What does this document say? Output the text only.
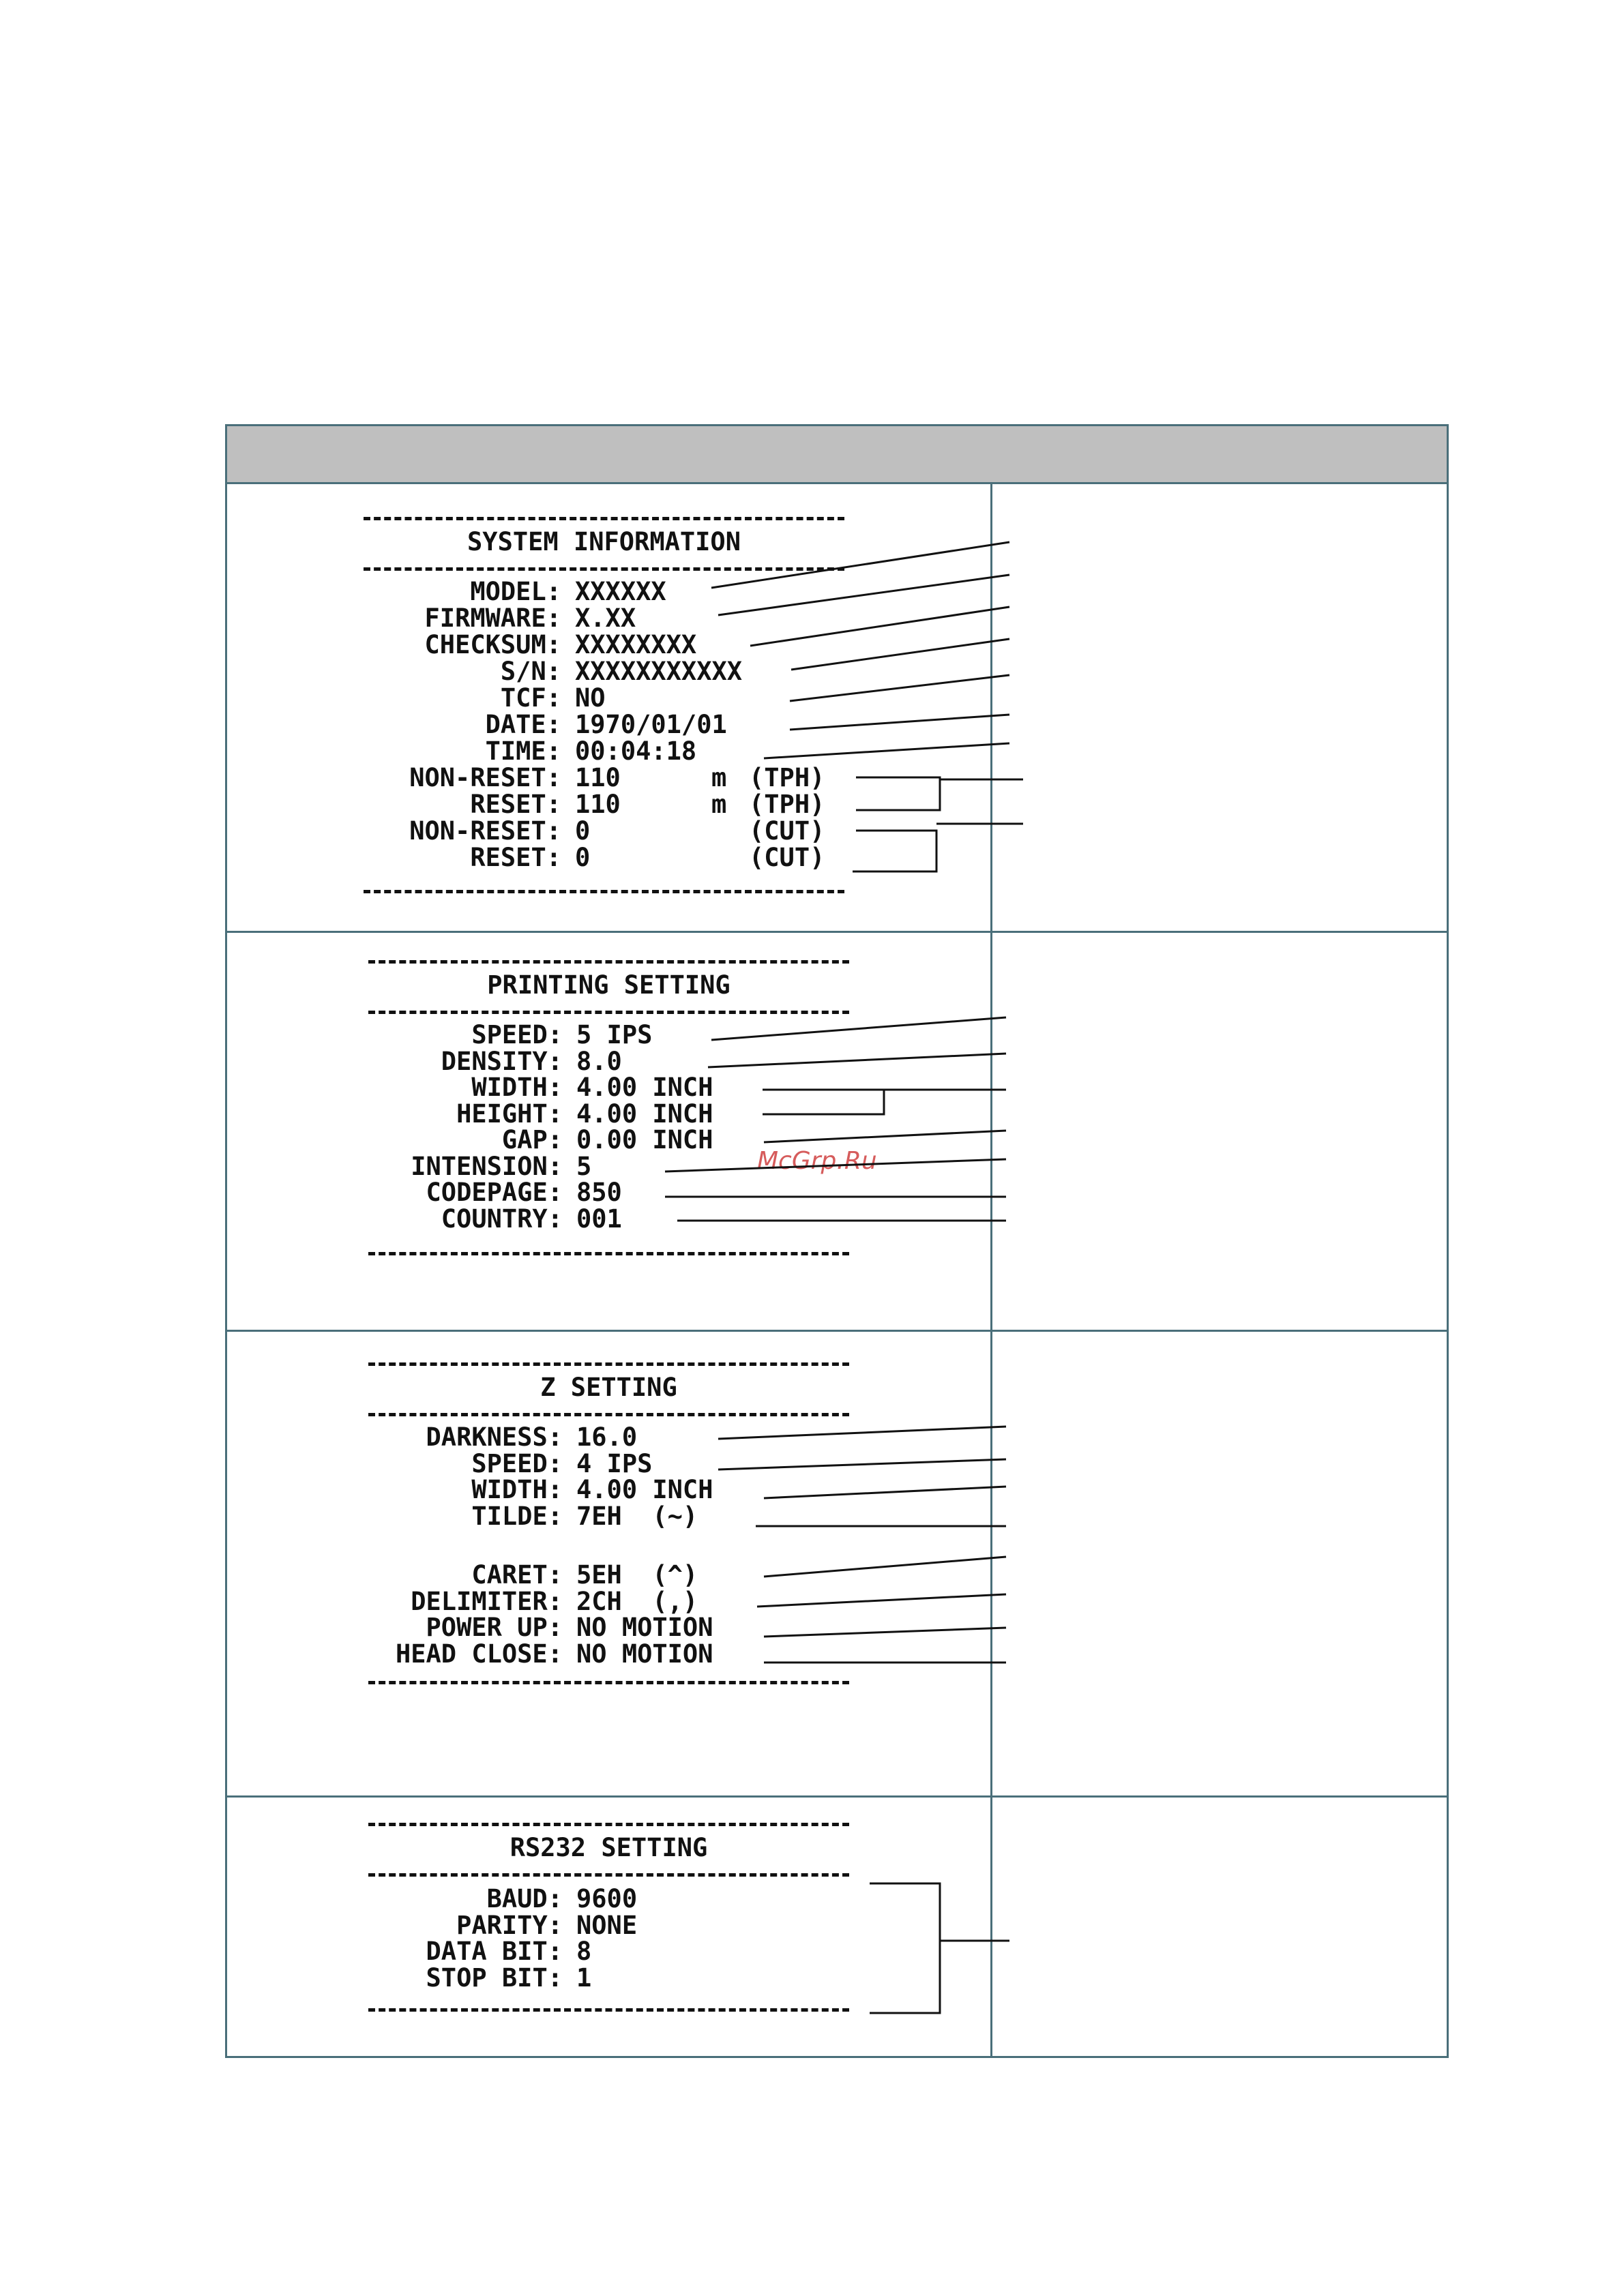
SYSTEM INFORMATION
MODEL: XXXXXX
FIRMWARE: X.XX
CHECKSUM: XXXXXXXX
S/N: XXXXXXXXXXX
TCF: NO
DATE: 1970/01/01
TIME: 00:04:18
NON-RESET: 110	m (TPH)
RESET: 110	m (TPH)
NON-RESET: 0	(CUT)
RESET: 0	(CUT)
PRINTING SETTING
SPEED: 5 IPS
DENSITY: 8.0
WIDTH: 4.00 INCH
HEIGHT: 4.00 INCH
GAP: 0.00 INCH
INTENSION: 5
CODEPAGE: 850
COUNTRY: 001
Z SETTING
DARKNESS: 16.0
SPEED: 4 IPS
WIDTH: 4.00 INCH
TILDE: 7EH  (~)
CARET: 5EH  (^)
DELIMITER: 2CH  (,)
POWER UP: NO MOTION
HEAD CLOSE: NO MOTION
RS232 SETTING
BAUD: 9600
PARITY: NONE
DATA BIT: 8
STOP BIT: 1
McGrp.Ru
